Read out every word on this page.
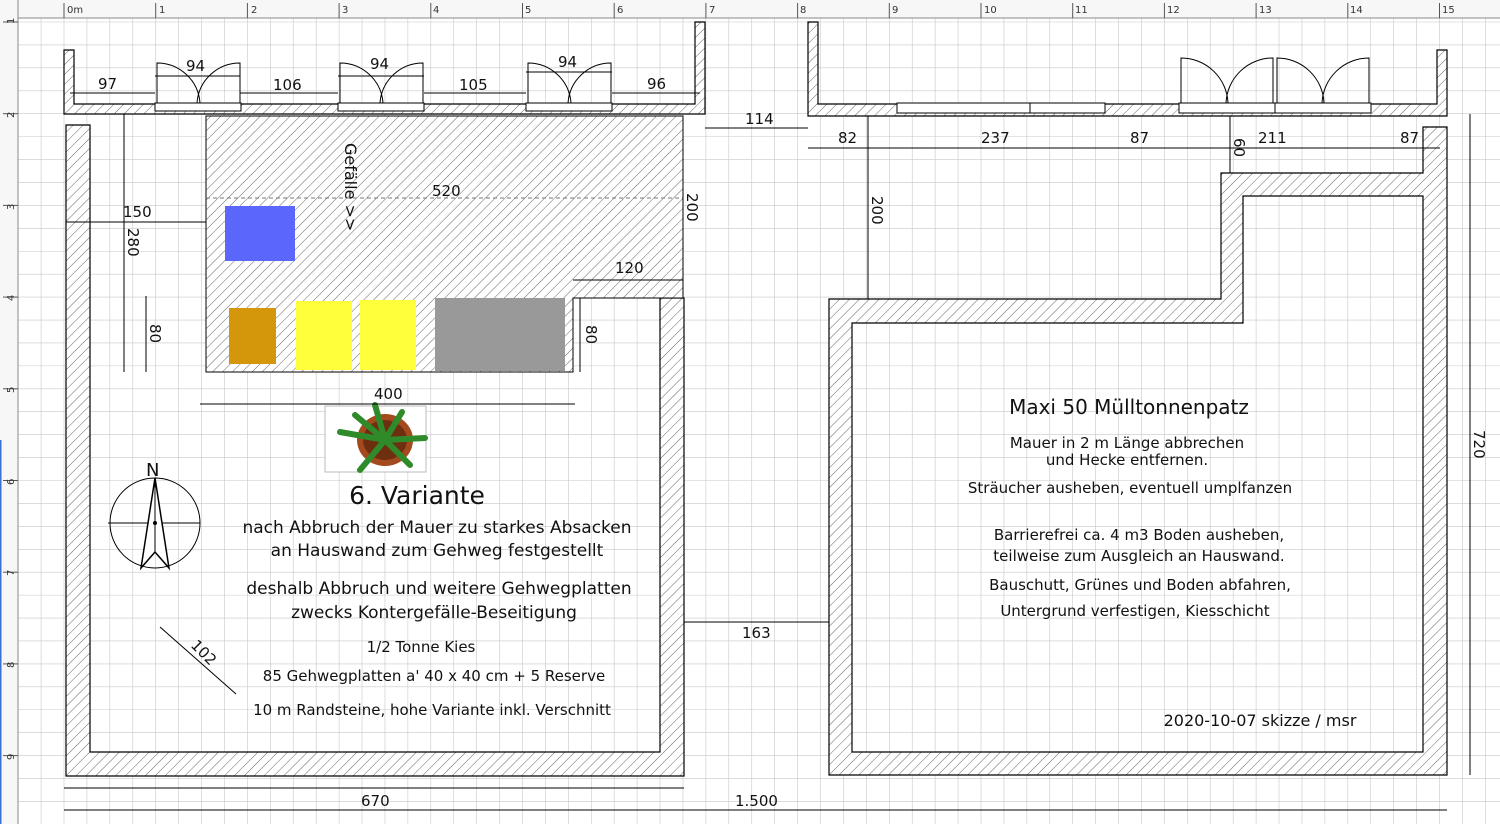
0m	1	2	3	4	5	6	7	8	9	10	11	12	13	14	15
1
2
3
4
5
6
7
8
9
N
97
94
106
94
105
94
96
114
82	237	87	60 211	87
150
280
80
520
200
120
80
400
200
720
163
102
670	1.500
Gefälle >>
6. Variante
nach Abbruch der Mauer zu starkes Absacken
an Hauswand zum Gehweg festgestellt
deshalb Abbruch und weitere Gehwegplatten
zwecks Kontergefälle-Beseitigung
1/2 Tonne Kies
85 Gehwegplatten a' 40 x 40 cm + 5 Reserve
10 m Randsteine, hohe Variante inkl. Verschnitt
Maxi 50 Mülltonnenpatz
Mauer in 2 m Länge abbrechen
und Hecke entfernen.
Sträucher ausheben, eventuell umplfanzen
Barrierefrei ca. 4 m3 Boden ausheben,
teilweise zum Ausgleich an Hauswand.
Bauschutt, Grünes und Boden abfahren,
Untergrund verfestigen, Kiesschicht
2020-10-07 skizze / msr
